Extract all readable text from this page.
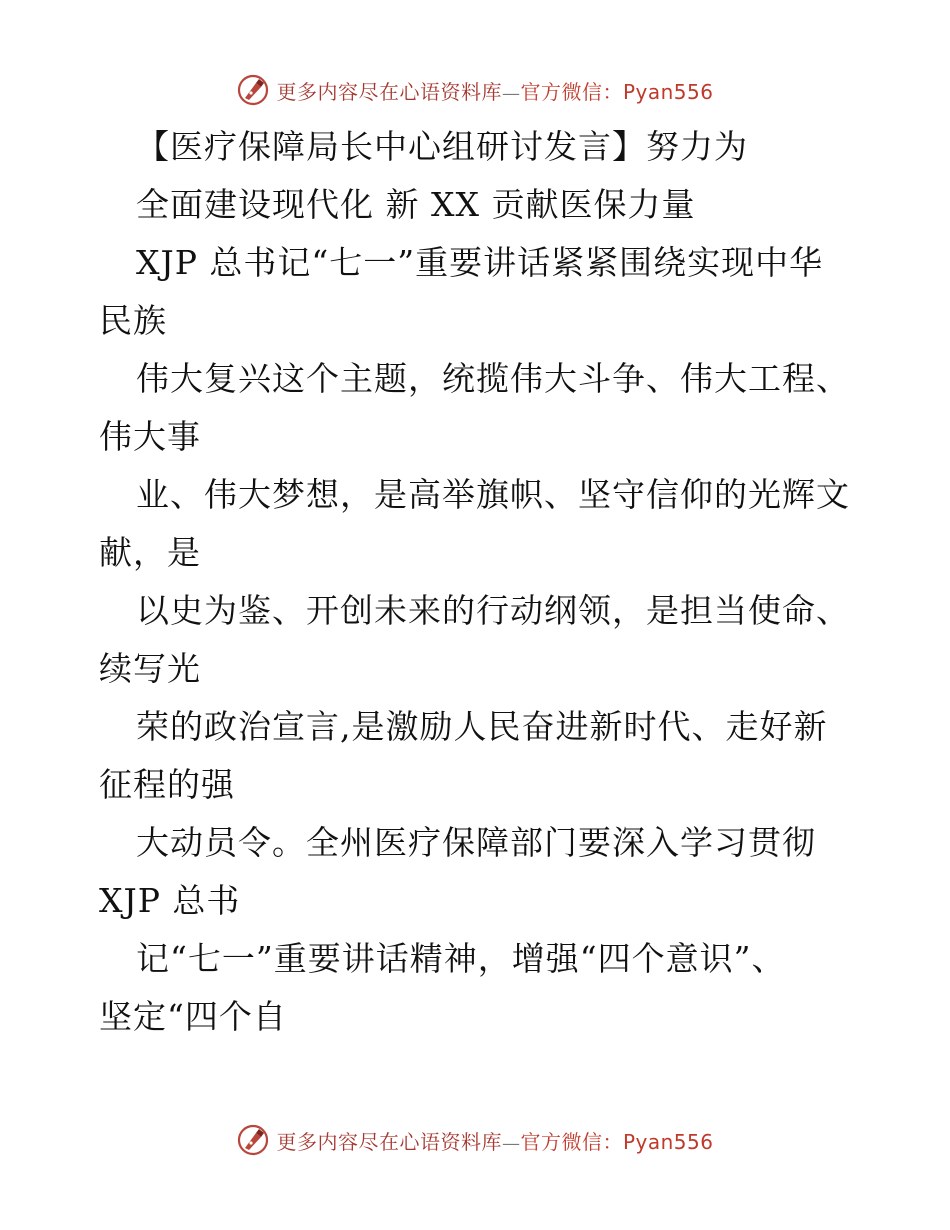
更多内容尽在心语资料库—官方微信：Pyan556
【医疗保障局长中心组研讨发言】努力为
全面建设现代化 新 XX 贡献医保力量
XJP 总书记“七一”重要讲话紧紧围绕实现中华
民族
伟大复兴这个主题，统揽伟大斗争、伟大工程、
伟大事
业、伟大梦想，是高举旗帜、坚守信仰的光辉文
献，是
以史为鉴、开创未来的行动纲领，是担当使命、
续写光
荣的政治宣言,是激励人民奋进新时代、走好新
征程的强
大动员令。全州医疗保障部门要深入学习贯彻
XJP 总书
记“七一”重要讲话精神，增强“四个意识”、
坚定“四个自
更多内容尽在心语资料库—官方微信：Pyan556
